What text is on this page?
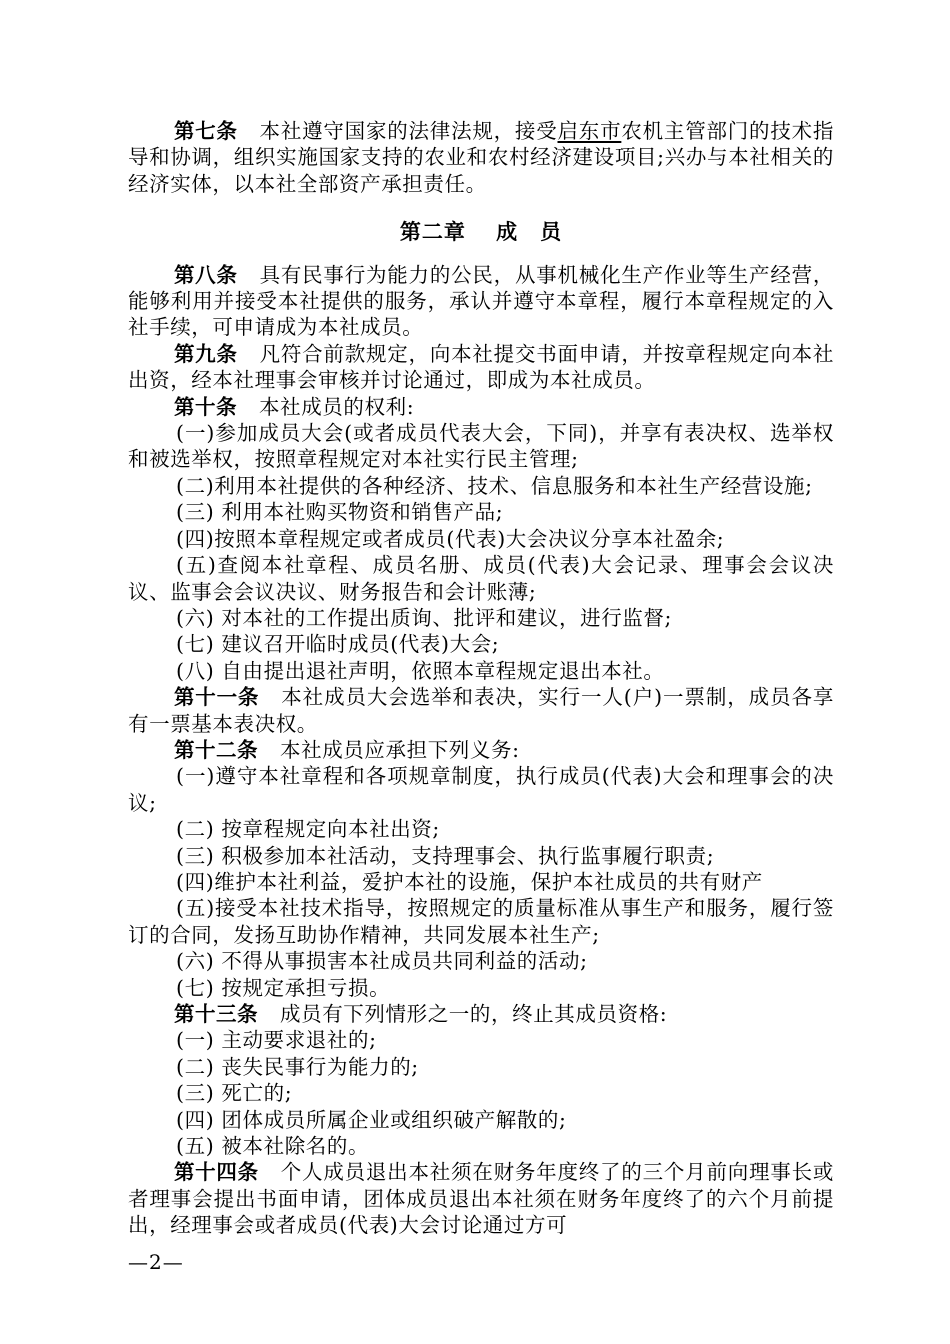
第七条 本社遵守国家的法律法规，接受启东市农机主管部门的技术指导和协调，组织实施国家支持的农业和农村经济建设项目;兴办与本社相关的经济实体，以本社全部资产承担责任。

第二章 成　员

第八条 具有民事行为能力的公民，从事机械化生产作业等生产经营，能够利用并接受本社提供的服务，承认并遵守本章程，履行本章程规定的入社手续，可申请成为本社成员。

第九条 凡符合前款规定，向本社提交书面申请，并按章程规定向本社出资，经本社理事会审核并讨论通过，即成为本社成员。

第十条 本社成员的权利:

(一)参加成员大会(或者成员代表大会，下同)，并享有表决权、选举权和被选举权，按照章程规定对本社实行民主管理;

(二)利用本社提供的各种经济、技术、信息服务和本社生产经营设施;

(三) 利用本社购买物资和销售产品;

(四)按照本章程规定或者成员(代表)大会决议分享本社盈余;

(五)查阅本社章程、成员名册、成员(代表)大会记录、理事会会议决议、监事会会议决议、财务报告和会计账薄;

(六) 对本社的工作提出质询、批评和建议，进行监督;

(七) 建议召开临时成员(代表)大会;

(八) 自由提出退社声明，依照本章程规定退出本社。

第十一条 本社成员大会选举和表决，实行一人(户)一票制，成员各享有一票基本表决权。

第十二条 本社成员应承担下列义务:

(一)遵守本社章程和各项规章制度，执行成员(代表)大会和理事会的决议;

(二) 按章程规定向本社出资;

(三) 积极参加本社活动，支持理事会、执行监事履行职责;

(四)维护本社利益，爱护本社的设施，保护本社成员的共有财产

(五)接受本社技术指导，按照规定的质量标准从事生产和服务，履行签订的合同，发扬互助协作精神，共同发展本社生产;

(六) 不得从事损害本社成员共同利益的活动;

(七) 按规定承担亏损。

第十三条 成员有下列情形之一的，终止其成员资格:

(一) 主动要求退社的;

(二) 丧失民事行为能力的;

(三) 死亡的;

(四) 团体成员所属企业或组织破产解散的;

(五) 被本社除名的。

第十四条 个人成员退出本社须在财务年度终了的三个月前向理事长或者理事会提出书面申请，团体成员退出本社须在财务年度终了的六个月前提出，经理事会或者成员(代表)大会讨论通过方可

—2—
